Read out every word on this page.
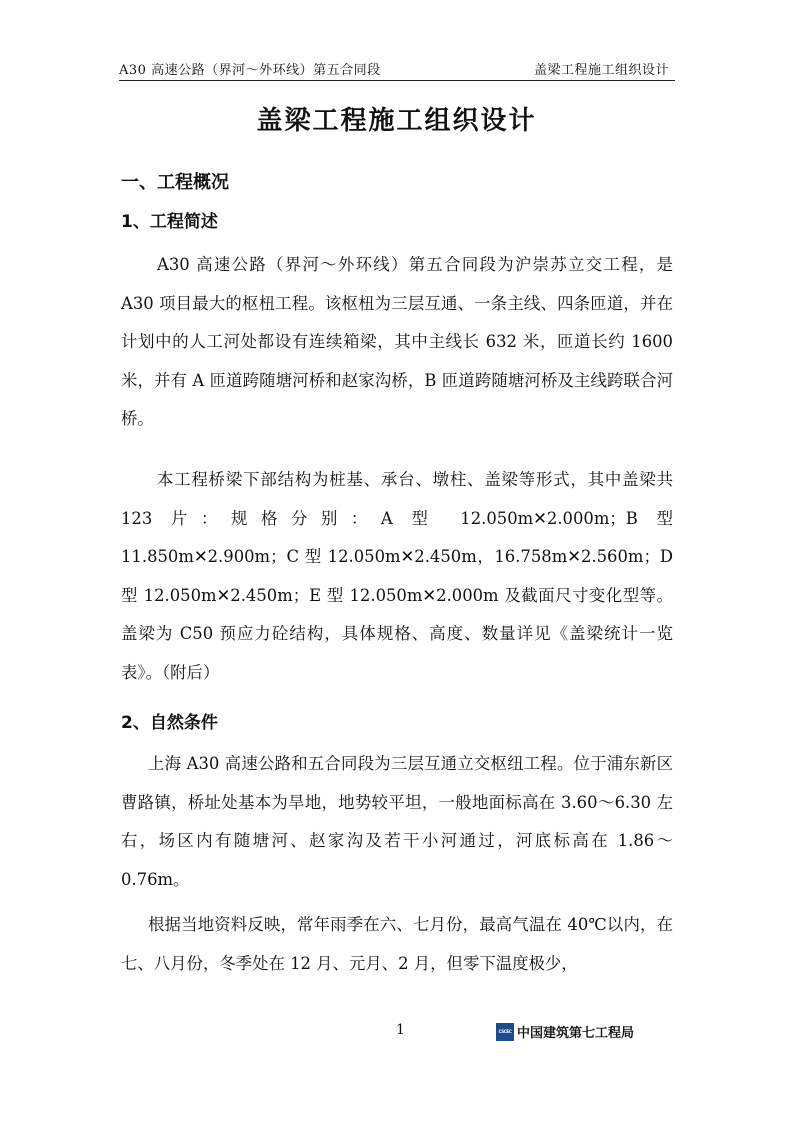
A30 高速公路（界河～外环线）第五合同段	盖梁工程施工组织设计
盖梁工程施工组织设计
一、工程概况
1、工程简述
A30 高速公路（界河～外环线）第五合同段为沪崇苏立交工程，是 A30 项目最大的枢杻工程。该枢杻为三层互通、一条主线、四条匝道，并在计划中的人工河处都设有连续箱梁，其中主线长 632 米，匝道长约 1600 米，并有 A 匝道跨随塘河桥和赵家沟桥，B 匝道跨随塘河桥及主线跨联合河桥。
本工程桥梁下部结构为桩基、承台、墩柱、盖梁等形式，其中盖梁共 123 片：规格分别：A 型 12.050m✕2.000m；B 型 11.850m✕2.900m；C 型 12.050m✕2.450m，16.758m✕2.560m；D 型 12.050m✕2.450m；E 型 12.050m✕2.000m 及截面尺寸变化型等。盖梁为 C50 预应力砼结构，具体规格、高度、数量详见《盖梁统计一览表》。（附后）
2、自然条件
上海 A30 高速公路和五合同段为三层互通立交枢纽工程。位于浦东新区曹路镇，桥址处基本为旱地，地势较平坦，一般地面标高在 3.60～6.30 左右，场区内有随塘河、赵家沟及若干小河通过，河底标高在 1.86～0.76m。
根据当地资料反映，常年雨季在六、七月份，最高气温在 40℃以内，在七、八月份，冬季处在 12 月、元月、2 月，但零下温度极少，
1	CSCEC 中国建筑第七工程局
